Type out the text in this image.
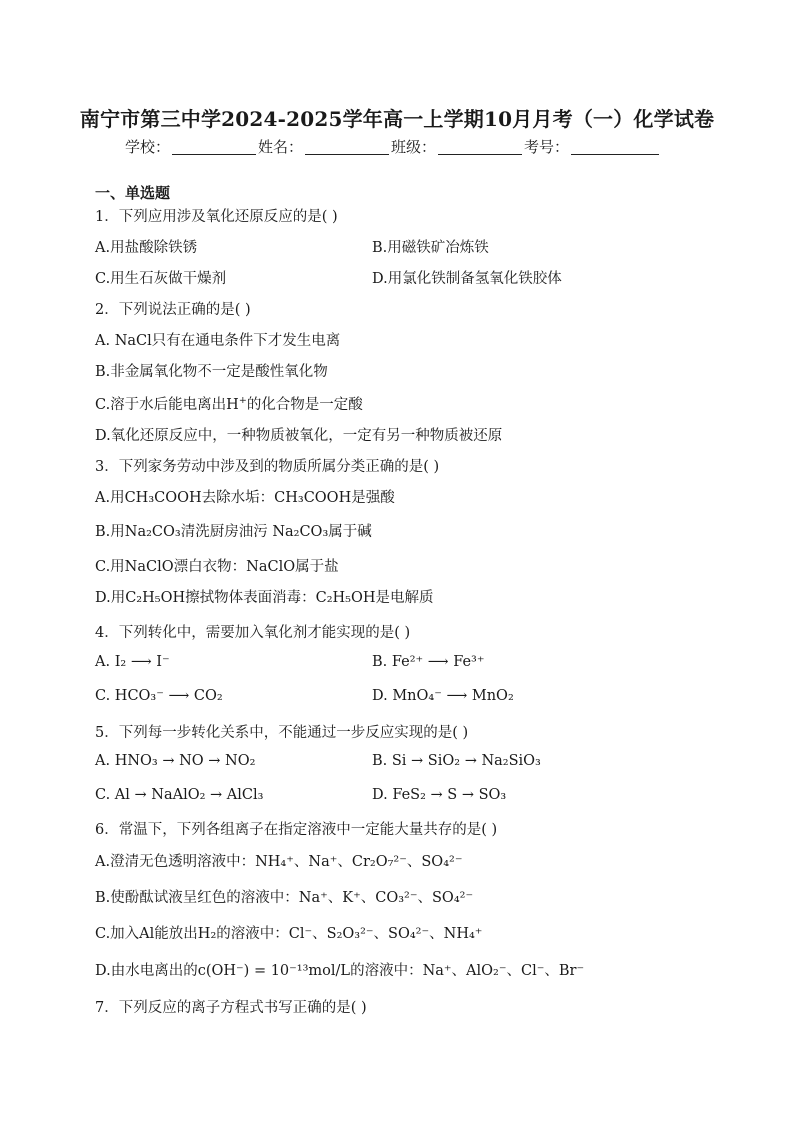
南宁市第三中学2024-2025学年高一上学期10月月考（一）化学试卷
学校：	姓名：	班级：	考号：
一、单选题
1．下列应用涉及氧化还原反应的是( )
A.用盐酸除铁锈	B.用磁铁矿冶炼铁
C.用生石灰做干燥剂	D.用氯化铁制备氢氧化铁胶体
2．下列说法正确的是( )
A. NaCl只有在通电条件下才发生电离
B.非金属氧化物不一定是酸性氧化物
C.溶于水后能电离出H+的化合物是一定酸
D.氧化还原反应中，一种物质被氧化，一定有另一种物质被还原
3．下列家务劳动中涉及到的物质所属分类正确的是( )
A.用CH₃COOH去除水垢：CH₃COOH是强酸
B.用Na₂CO₃清洗厨房油污 Na₂CO₃属于碱
C.用NaClO漂白衣物：NaClO属于盐
D.用C₂H₅OH擦拭物体表面消毒：C₂H₅OH是电解质
4．下列转化中，需要加入氧化剂才能实现的是( )
A. I₂ ⟶ I⁻	B. Fe²⁺ ⟶ Fe³⁺
C. HCO₃⁻ ⟶ CO₂	D. MnO₄⁻ ⟶ MnO₂
5．下列每一步转化关系中，不能通过一步反应实现的是( )
A. HNO₃ → NO → NO₂	B. Si → SiO₂ → Na₂SiO₃
C. Al → NaAlO₂ → AlCl₃	D. FeS₂ → S → SO₃
6．常温下，下列各组离子在指定溶液中一定能大量共存的是( )
A.澄清无色透明溶液中：NH₄⁺、Na⁺、Cr₂O₇²⁻、SO₄²⁻
B.使酚酞试液呈红色的溶液中：Na⁺、K⁺、CO₃²⁻、SO₄²⁻
C.加入Al能放出H₂的溶液中：Cl⁻、S₂O₃²⁻、SO₄²⁻、NH₄⁺
D.由水电离出的c(OH⁻) = 10⁻¹³mol/L的溶液中：Na⁺、AlO₂⁻、Cl⁻、Br⁻
7．下列反应的离子方程式书写正确的是( )
